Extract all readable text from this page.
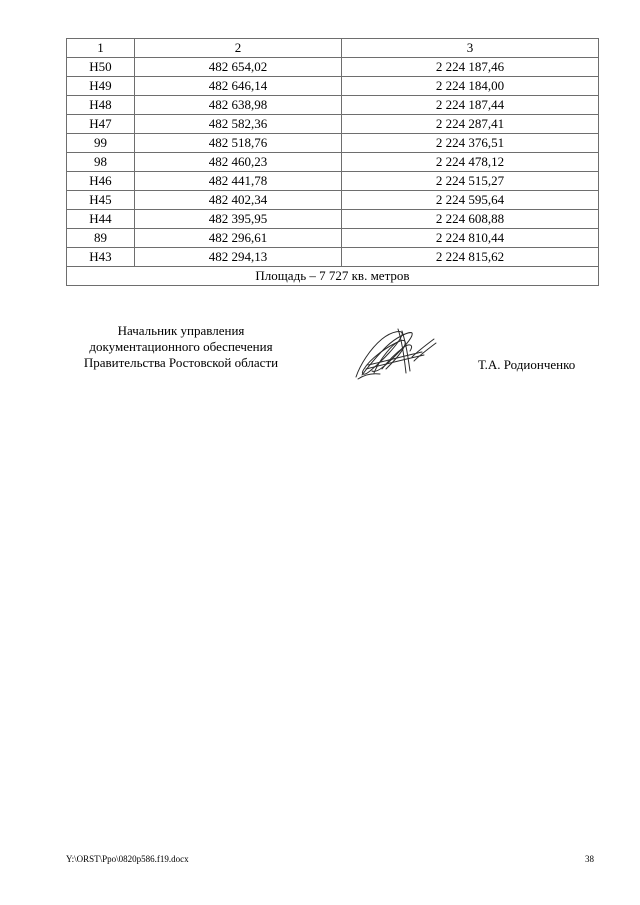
1	2	3
Н50	482 654,02	2 224 187,46
Н49	482 646,14	2 224 184,00
Н48	482 638,98	2 224 187,44
Н47	482 582,36	2 224 287,41
99	482 518,76	2 224 376,51
98	482 460,23	2 224 478,12
Н46	482 441,78	2 224 515,27
Н45	482 402,34	2 224 595,64
Н44	482 395,95	2 224 608,88
89	482 296,61	2 224 810,44
Н43	482 294,13	2 224 815,62
Площадь – 7 727 кв. метров		
Начальник управления
документационного обеспечения
Правительства Ростовской области	Т.А. Родионченко
Y:\ORST\Ppo\0820p586.f19.docx	38
